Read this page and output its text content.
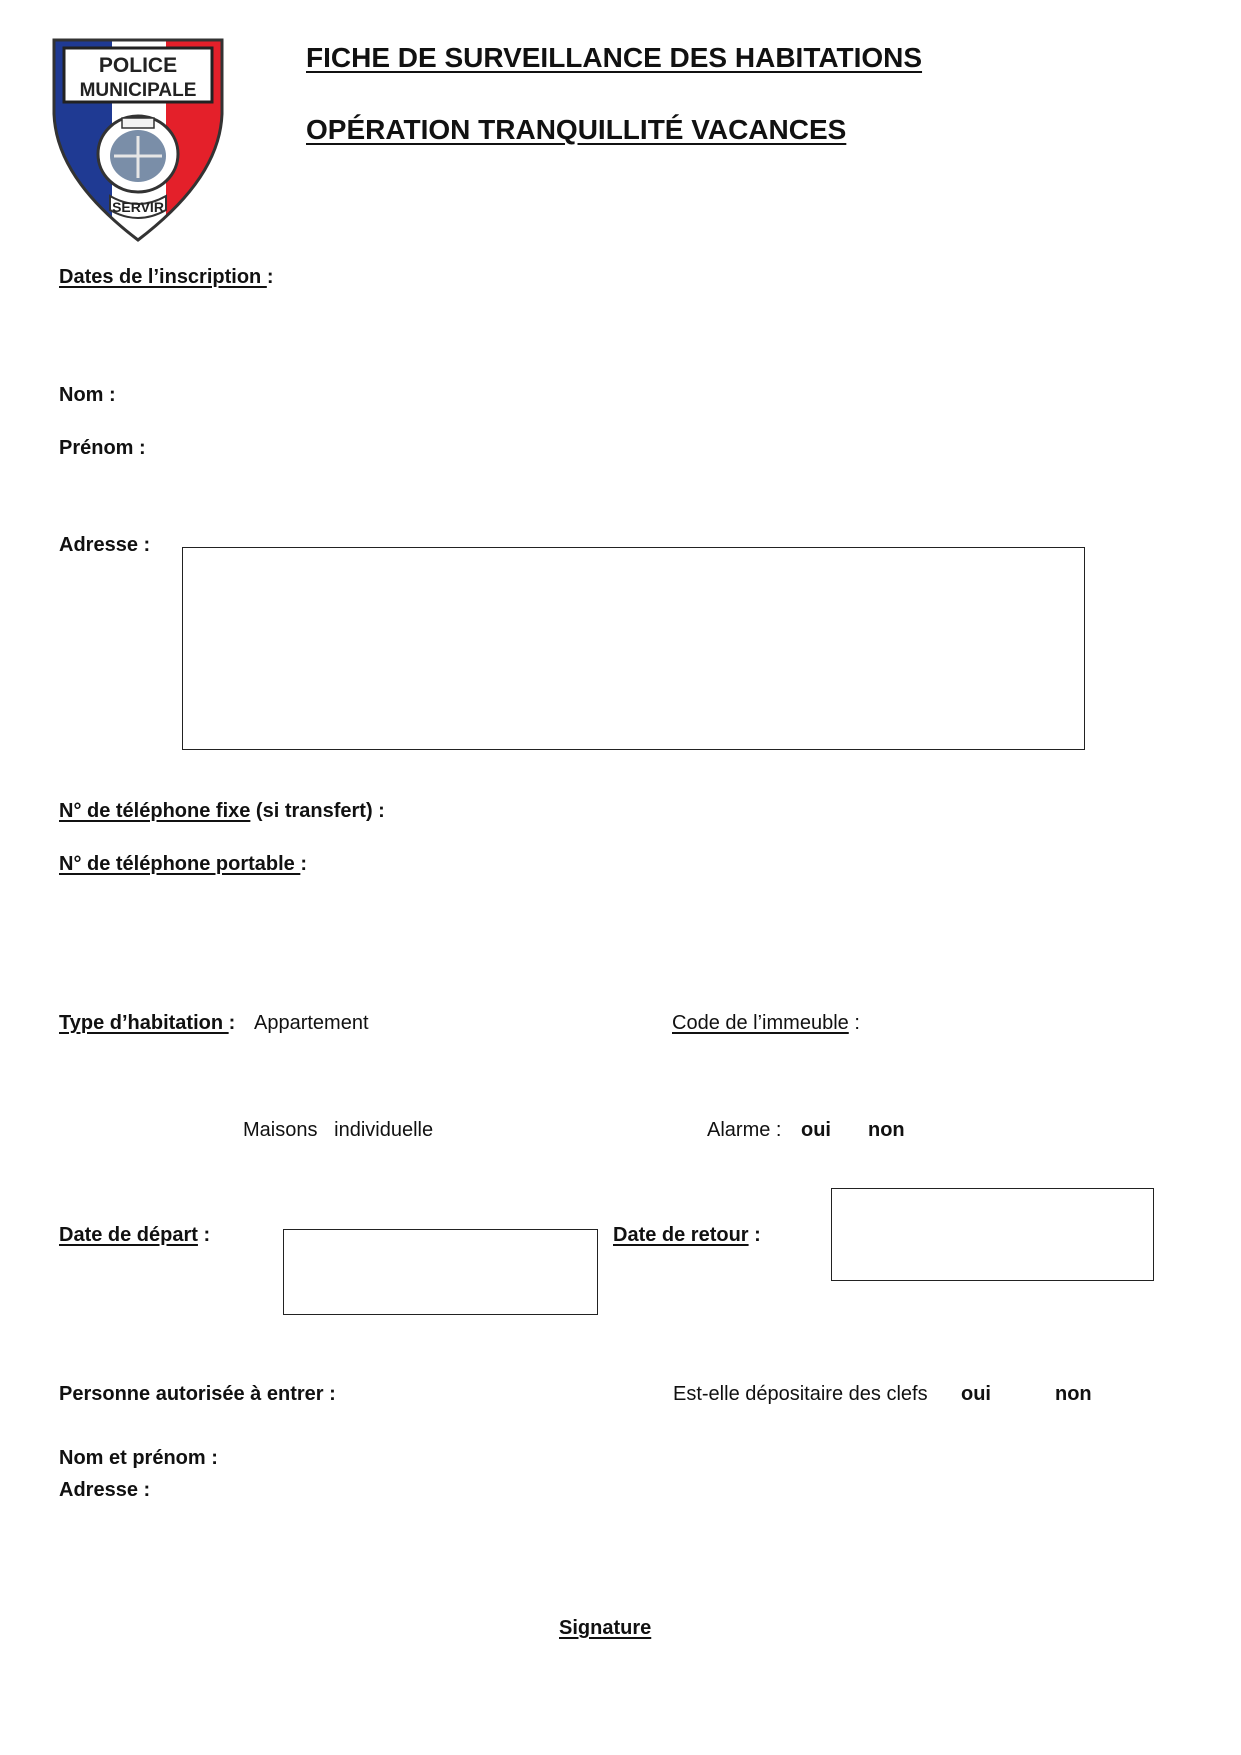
POLICE
MUNICIPALE
SERVIR
FICHE DE SURVEILLANCE DES HABITATIONS
OPÉRATION TRANQUILLITÉ VACANCES
Dates de l’inscription :
Nom :
Prénom :
Adresse :
N° de téléphone fixe (si transfert) :
N° de téléphone portable :
Type d’habitation : Appartement	Code de l’immeuble :
Maisons   individuelle	Alarme : oui non
Date de départ :	Date de retour :
Personne autorisée à entrer :	Est-elle dépositaire des clefs oui	non
Nom et prénom :
Adresse :
Signature
